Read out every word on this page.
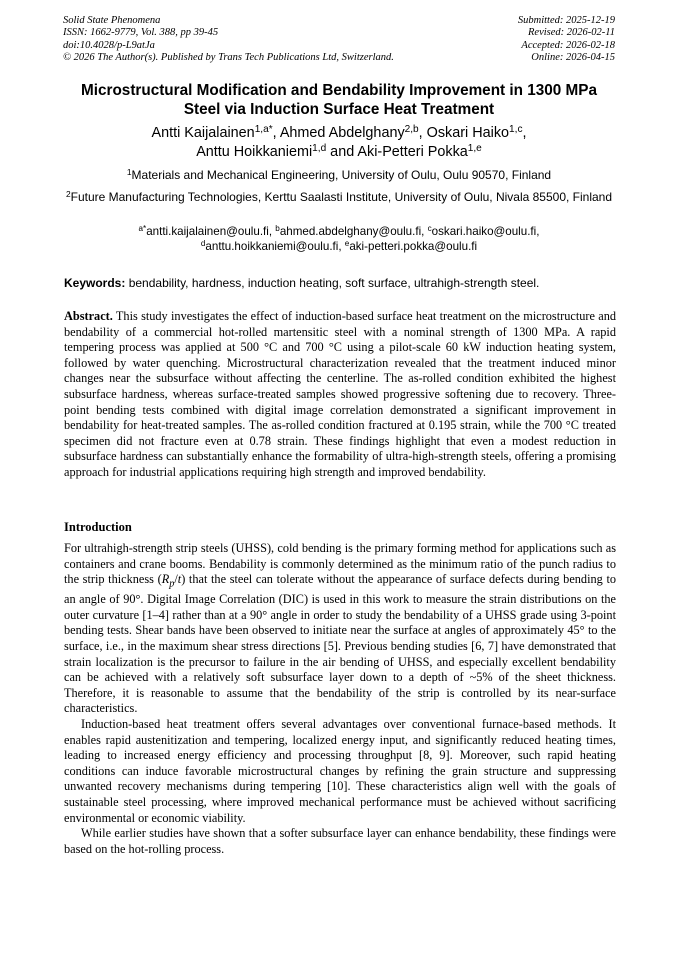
Solid State Phenomena
ISSN: 1662-9779, Vol. 388, pp 39-45
doi:10.4028/p-L9atJa
© 2026 The Author(s). Published by Trans Tech Publications Ltd, Switzerland.
Submitted: 2025-12-19
Revised: 2026-02-11
Accepted: 2026-02-18
Online: 2026-04-15
Microstructural Modification and Bendability Improvement in 1300 MPa
Steel via Induction Surface Heat Treatment
Antti Kaijalainen$^{1,a*}$, Ahmed Abdelghany$^{2,b}$, Oskari Haiko$^{1,c}$,
Anttu Hoikkaniemi$^{1,d}$ and Aki-Petteri Pokka$^{1,e}$
$^1$Materials and Mechanical Engineering, University of Oulu, Oulu 90570, Finland
$^2$Future Manufacturing Technologies, Kerttu Saalasti Institute, University of Oulu, Nivala 85500, Finland
$^{a*}$antti.kaijalainen@oulu.fi, $^b$ahmed.abdelghany@oulu.fi, $^c$oskari.haiko@oulu.fi,
$^d$anttu.hoikkaniemi@oulu.fi, $^e$aki-petteri.pokka@oulu.fi
Keywords: bendability, hardness, induction heating, soft surface, ultrahigh-strength steel.

Abstract. This study investigates the effect of induction-based surface heat treatment on the microstructure and bendability of a commercial hot-rolled martensitic steel with a nominal strength of 1300 MPa. A rapid tempering process was applied at 500 °C and 700 °C using a pilot-scale 60 kW induction heating system, followed by water quenching. Microstructural characterization revealed that the treatment induced minor changes near the subsurface without affecting the centerline. The as-rolled condition exhibited the highest subsurface hardness, whereas surface-treated samples showed progressive softening due to recovery. Three-point bending tests combined with digital image correlation demonstrated a significant improvement in bendability for heat-treated samples. The as-rolled condition fractured at 0.195 strain, while the 700 °C treated specimen did not fracture even at 0.78 strain. These findings highlight that even a modest reduction in subsurface hardness can substantially enhance the formability of ultra-high-strength steels, offering a promising approach for industrial applications requiring high strength and improved bendability.

Introduction

For ultrahigh-strength strip steels (UHSS), cold bending is the primary forming method for applications such as containers and crane booms. Bendability is commonly determined as the minimum ratio of the punch radius to the strip thickness $(R_p/t)$ that the steel can tolerate without the appearance of surface defects during bending to an angle of 90°. Digital Image Correlation (DIC) is used in this work to measure the strain distributions on the outer curvature [1–4] rather than at a 90° angle in order to study the bendability of a UHSS grade using 3-point bending tests. Shear bands have been observed to initiate near the surface at angles of approximately 45° to the surface, i.e., in the maximum shear stress directions [5]. Previous bending studies [6, 7] have demonstrated that strain localization is the precursor to failure in the air bending of UHSS, and especially excellent bendability can be achieved with a relatively soft subsurface layer down to a depth of ~5% of the sheet thickness. Therefore, it is reasonable to assume that the bendability of the strip is controlled by its near-surface characteristics.

Induction-based heat treatment offers several advantages over conventional furnace-based methods. It enables rapid austenitization and tempering, localized energy input, and significantly reduced heating times, leading to increased energy efficiency and processing throughput [8, 9]. Moreover, such rapid heating conditions can induce favorable microstructural changes by refining the grain structure and suppressing unwanted recovery mechanisms during tempering [10]. These characteristics align well with the goals of sustainable steel processing, where improved mechanical performance must be achieved without sacrificing environmental or economic viability.

While earlier studies have shown that a softer subsurface layer can enhance bendability, these findings were based on the hot-rolling process.
